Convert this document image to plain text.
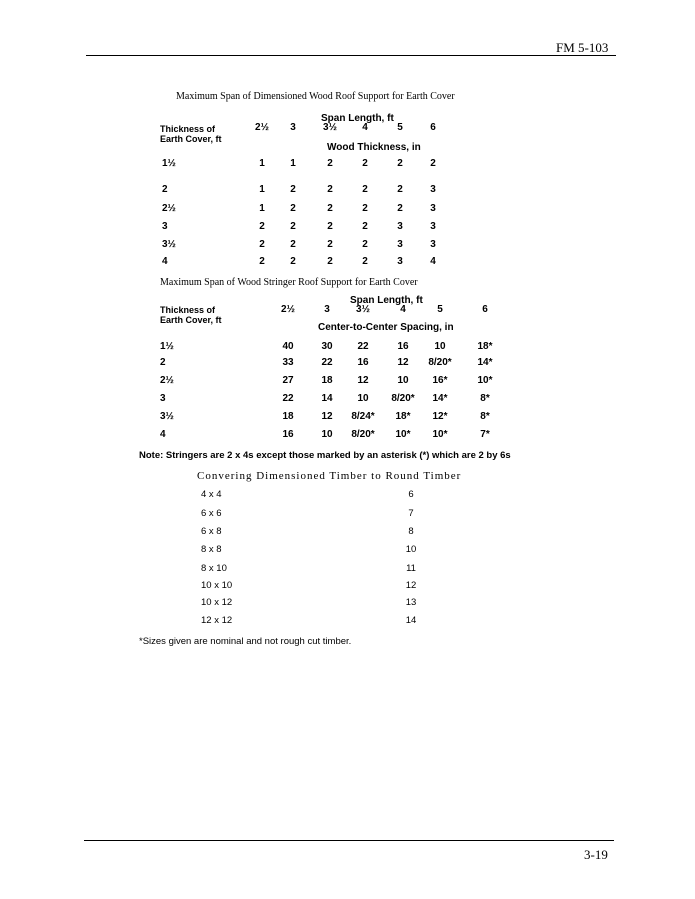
FM 5-103
Maximum Span of Dimensioned Wood Roof Support for Earth Cover
Span Length, ft
Thickness of
Earth Cover, ft
2½ 3	3½	4	5	6
Wood Thickness, in
1½	1	1	2	2	2	2
2	1	2	2	2	2	3
2½	1	2	2	2	2	3
3	2	2	2	2	3	3
3½	2	2	2	2	3	3
4	2	2	2	2	3	4
Maximum Span of Wood Stringer Roof Support for Earth Cover
Span Length, ft
Thickness of
Earth Cover, ft
2½	3	3½	4	5	6
Center-to-Center Spacing, in
1½	40	30 22	16	10	18*
2	33	22 16	12 8/20*	14*
2½	27	18 12	10 16*	10*
3	22	14 10 8/20* 14*	8*
3½	18	12 8/24* 18* 12*	8*
4	16	10 8/20* 10* 10*	7*
Note: Stringers are 2 x 4s except those marked by an asterisk (*) which are 2 by 6s
Convering Dimensioned Timber to Round Timber
4 x 4	6
6 x 6	7
6 x 8	8
8 x 8	10
8 x 10	11
10 x 10	12
10 x 12	13
12 x 12	14
*Sizes given are nominal and not rough cut timber.
3-19
